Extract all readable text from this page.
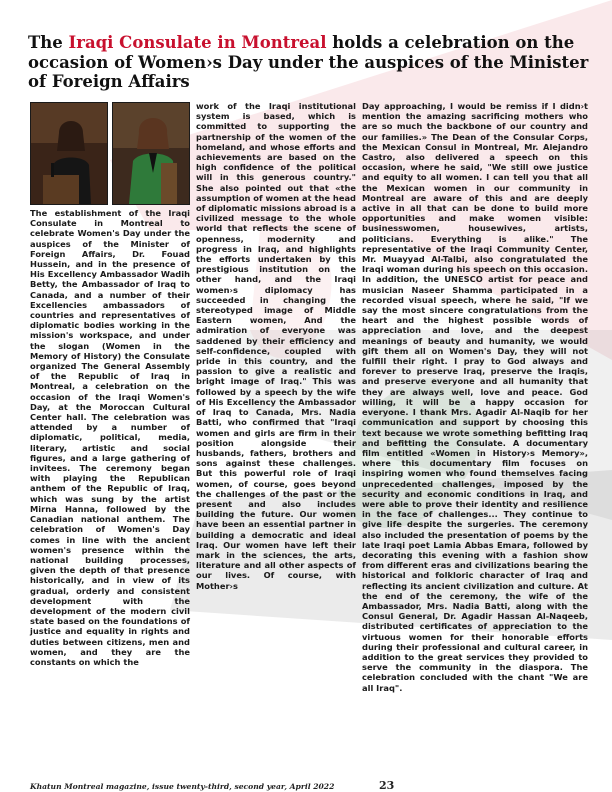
The Iraqi Consulate in Montreal holds a celebration on the occasion of Women›s Day under the auspices of the Minister of Foreign Affairs

The establishment of the Iraqi Consulate in Montreal to celebrate Women's Day under the auspices of the Minister of Foreign Affairs, Dr. Fouad Hussein, and in the presence of His Excellency Ambassador Wadih Betty, the Ambassador of Iraq to Canada, and a number of their Excellencies ambassadors of countries and representatives of diplomatic bodies working in the mission's workspace, and under the slogan (Women in the Memory of History) the Consulate organized The General Assembly of the Republic of Iraq in Montreal, a celebration on the occasion of the Iraqi Women's Day, at the Moroccan Cultural Center hall. The celebration was attended by a number of diplomatic, political, media, literary, artistic and social figures, and a large gathering of invitees. The ceremony began with playing the Republican anthem of the Republic of Iraq, which was sung by the artist Mirna Hanna, followed by the Canadian national anthem. The celebration of Women's Day comes in line with the ancient women's presence within the national building processes, given the depth of that presence historically, and in view of its gradual, orderly and consistent development with the development of the modern civil state based on the foundations of justice and equality in rights and duties between citizens, men and women, and they are the constants on which the

work of the Iraqi institutional system is based, which is committed to supporting the partnership of the women of the homeland, and whose efforts and achievements are based on the high confidence of the political will in this generous country." She also pointed out that «the assumption of women at the head of diplomatic missions abroad is a civilized message to the whole world that reflects the scene of openness, modernity and progress in Iraq, and highlights the efforts undertaken by this prestigious institution on the other hand, and the Iraqi women›s diplomacy has succeeded in changing the stereotyped image of Middle Eastern women, And the admiration of everyone was saddened by their efficiency and self-confidence, coupled with pride in this country, and the passion to give a realistic and bright image of Iraq." This was followed by a speech by the wife of His Excellency the Ambassador of Iraq to Canada, Mrs. Nadia Batti, who confirmed that "Iraqi women and girls are firm in their position alongside their husbands, fathers, brothers and sons against these challenges. But this powerful role of Iraqi women, of course, goes beyond the challenges of the past or the present and also includes building the future. Our women have been an essential partner in building a democratic and ideal Iraq. Our women have left their mark in the sciences, the arts, literature and all other aspects of our lives. Of course, with Mother›s

Day approaching, I would be remiss if I didn›t mention the amazing sacrificing mothers who are so much the backbone of our country and our families.» The Dean of the Consular Corps, the Mexican Consul in Montreal, Mr. Alejandro Castro, also delivered a speech on this occasion, where he said, "We still owe justice and equity to all women. I can tell you that all the Mexican women in our community in Montreal are aware of this and are deeply active in all that can be done to build more opportunities and make women visible: businesswomen, housewives, artists, politicians. Everything is alike." The representative of the Iraqi Community Center, Mr. Muayyad Al-Talbi, also congratulated the Iraqi woman during his speech on this occasion. In addition, the UNESCO artist for peace and musician Naseer Shamma participated in a recorded visual speech, where he said, "If we say the most sincere congratulations from the heart and the highest possible words of appreciation and love, and the deepest meanings of beauty and humanity, we would gift them all on Women's Day, they will not fulfill their right. I pray to God always and forever to preserve Iraq, preserve the Iraqis, and preserve everyone and all humanity that they are always well, love and peace. God willing, it will be a happy occasion for everyone. I thank Mrs. Agadir Al-Naqib for her communication and support by choosing this text because we wrote something befitting Iraq and befitting the Consulate. A documentary film entitled «Women in History›s Memory», where this documentary film focuses on inspiring women who found themselves facing unprecedented challenges, imposed by the security and economic conditions in Iraq, and were able to prove their identity and resilience in the face of challenges... They continue to give life despite the surgeries. The ceremony also included the presentation of poems by the late Iraqi poet Lamia Abbas Emara, followed by decorating this evening with a fashion show from different eras and civilizations bearing the historical and folkloric character of Iraq and reflecting its ancient civilization and culture. At the end of the ceremony, the wife of the Ambassador, Mrs. Nadia Batti, along with the Consul General, Dr. Agadir Hassan Al-Naqeeb, distributed certificates of appreciation to the virtuous women for their honorable efforts during their professional and cultural career, in addition to the great services they provided to serve the community in the diaspora. The celebration concluded with the chant "We are all Iraq".

Khatun Montreal magazine, issue twenty-third, second year, April 2022	23
